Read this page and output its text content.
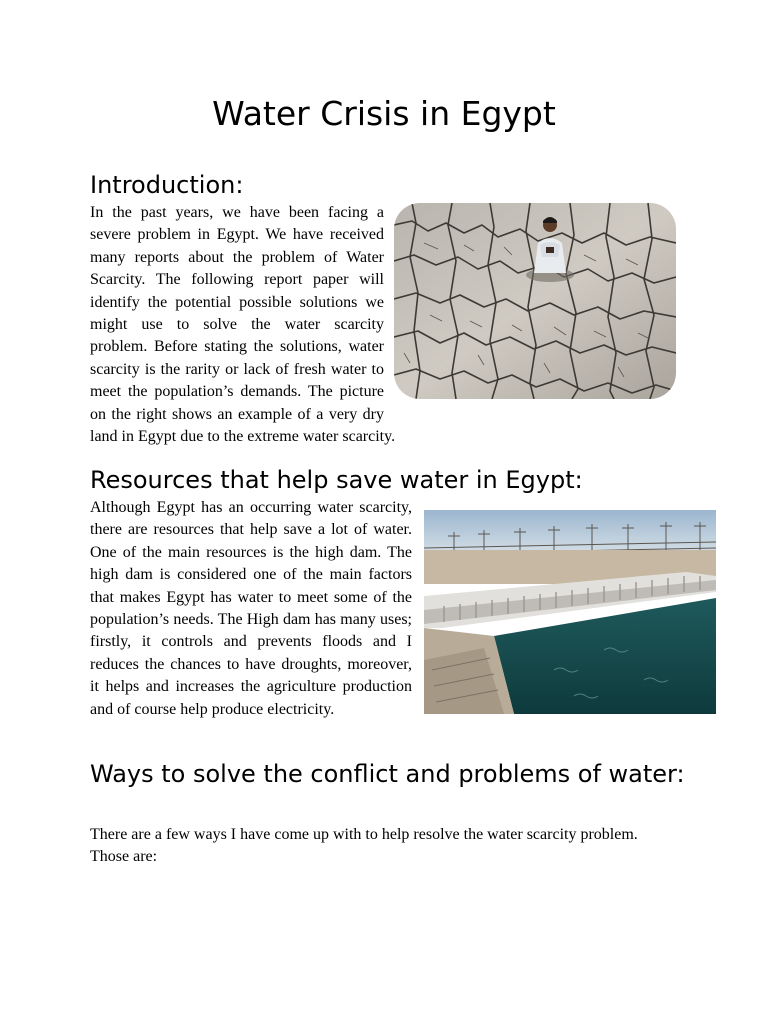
Water Crisis in Egypt
Introduction:
In the past years, we have been facing a severe problem in Egypt. We have received many reports about the problem of Water Scarcity. The following report paper will identify the potential possible solutions we might use to solve the water scarcity problem. Before stating the solutions, water scarcity is the rarity or lack of fresh water to meet the population’s demands. The picture on the right shows an example of a very dry land in Egypt due to the extreme water scarcity.
Resources that help save water in Egypt:

Although Egypt has an occurring water scarcity, there are resources that help save a lot of water. One of the main resources is the high dam. The high dam is considered one of the main factors that makes Egypt has water to meet some of the population’s needs. The High dam has many uses; firstly, it controls and prevents floods and I reduces the chances to have droughts, moreover, it helps and increases the agriculture production and of course help produce electricity.

Ways to solve the conflict and problems of water:

There are a few ways I have come up with to help resolve the water scarcity problem. Those are:
